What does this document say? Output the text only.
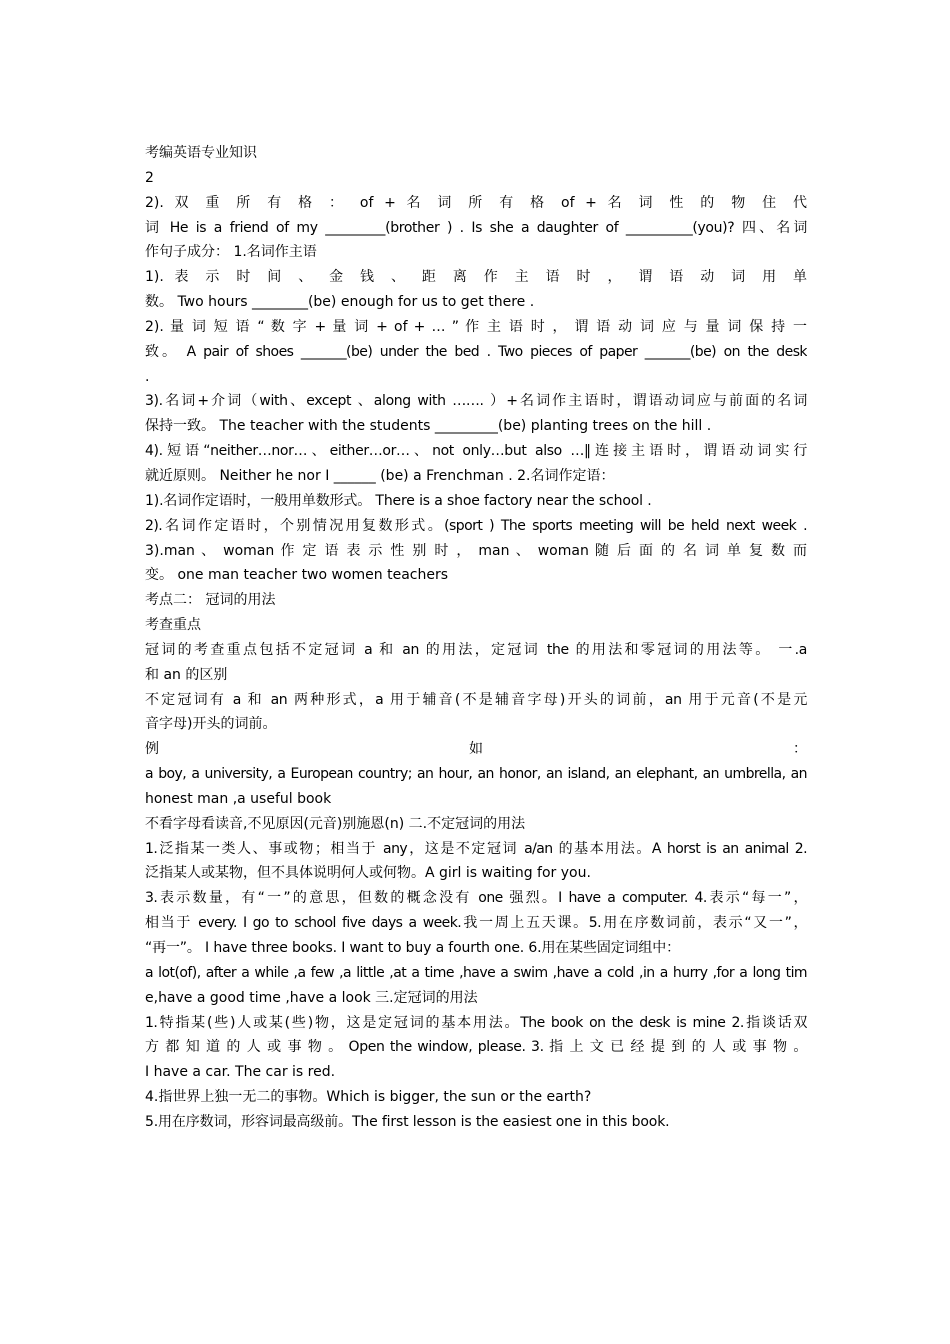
考编英语专业知识
2
2). 双 重 所 有 格 ： of + 名 词 所 有 格 of + 名 词 性 的 物 住 代
词 He is a friend of my _________(brother ) . Is she a daughter of __________(you)? 四、名词
作句子成分： 1.名词作主语
1). 表 示 时 间 、 金 钱 、 距 离 作 主 语 时 ， 谓 语 动 词 用 单
数。 Two hours ________(be) enough for us to get there .
2). 量 词 短 语 “ 数 字 + 量 词 + of + … ” 作 主 语 时 ， 谓 语 动 词 应 与 量 词 保 持 一
致。 A pair of shoes _______(be) under the bed . Two pieces of paper _______(be) on the desk
.
3).名词+介词（with、except 、along with ……. ）+名词作主语时，谓语动词应与前面的名词
保持一致。 The teacher with the students _________(be) planting trees on the hill .
4).短语“neither…nor…、either…or…、not only…but also …‖连接主语时，谓语动词实行
就近原则。 Neither he nor I ______ (be) a Frenchman . 2.名词作定语：
1).名词作定语时，一般用单数形式。 There is a shoe factory near the school .
2).名词作定语时，个别情况用复数形式。(sport ) The sports meeting will be held next week .
3).man 、 woman 作 定 语 表 示 性 别 时 ， man 、 woman 随 后 面 的 名 词 单 复 数 而
变。 one man teacher two women teachers
考点二： 冠词的用法
考查重点
冠词的考查重点包括不定冠词 a 和 an 的用法，定冠词 the 的用法和零冠词的用法等。 一.a
和 an 的区别
不定冠词有 a 和 an 两种形式，a 用于辅音(不是辅音字母)开头的词前，an 用于元音(不是元
音字母)开头的词前。
例 如 ：
a boy, a university, a European country; an hour, an honor, an island, an elephant, an umbrella, an
honest man ,a useful book
不看字母看读音,不见原因(元音)别施恩(n) 二.不定冠词的用法
1.泛指某一类人、事或物；相当于 any，这是不定冠词 a/an 的基本用法。A horst is an animal 2.
泛指某人或某物，但不具体说明何人或何物。A girl is waiting for you.
3.表示数量，有“一”的意思，但数的概念没有 one 强烈。I have a computer. 4.表示“每一”，
相当于 every. I go to school five days a week.我一周上五天课。5.用在序数词前，表示“又一”，
“再一”。 I have three books. I want to buy a fourth one. 6.用在某些固定词组中：
a lot(of), after a while ,a few ,a little ,at a time ,have a swim ,have a cold ,in a hurry ,for a long tim
e,have a good time ,have a look 三.定冠词的用法
1.特指某(些)人或某(些)物，这是定冠词的基本用法。The book on the desk is mine 2.指谈话双
方 都 知 道 的 人 或 事 物 。 Open the window, please. 3. 指 上 文 已 经 提 到 的 人 或 事 物 。
I have a car. The car is red.
4.指世界上独一无二的事物。Which is bigger, the sun or the earth?
5.用在序数词，形容词最高级前。The first lesson is the easiest one in this book.
